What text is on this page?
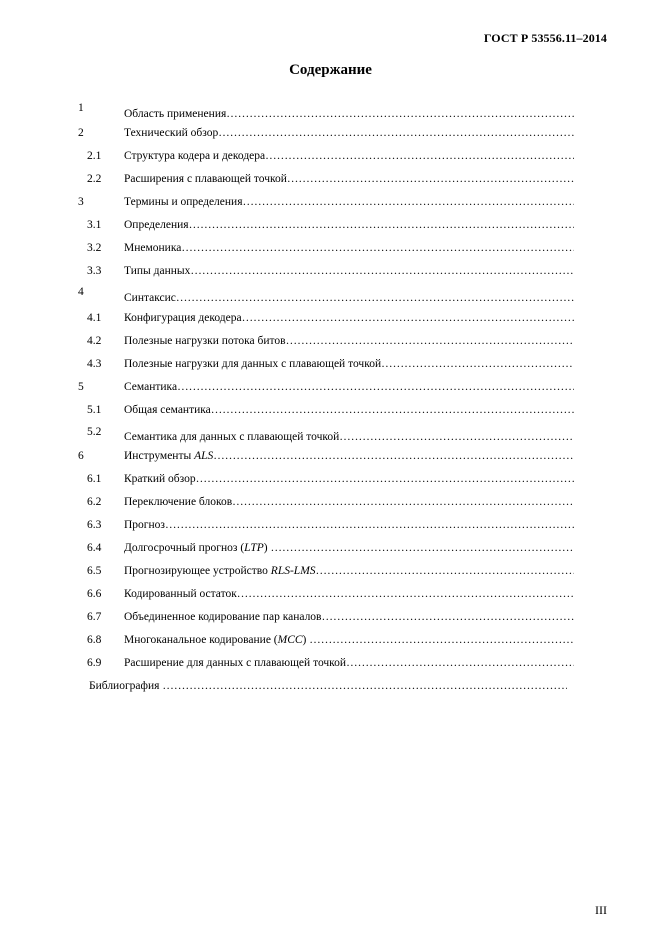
ГОСТ Р 53556.11–2014
Содержание
1	Область применения …………………………………………………………………………………………………………………………………………………………………………………
2	Технический обзор …………………………………………………………………………………………………………………………………………………………………………………
2.1	Структура кодера и декодера …………………………………………………………………………………………………………………………………………………………………………………
2.2	Расширения с плавающей точкой …………………………………………………………………………………………………………………………………………………………………………………
3	Термины и определения …………………………………………………………………………………………………………………………………………………………………………………
3.1	Определения …………………………………………………………………………………………………………………………………………………………………………………
3.2	Мнемоника …………………………………………………………………………………………………………………………………………………………………………………
3.3	Типы данных …………………………………………………………………………………………………………………………………………………………………………………
4	Синтаксис …………………………………………………………………………………………………………………………………………………………………………………
4.1	Конфигурация декодера …………………………………………………………………………………………………………………………………………………………………………………
4.2	Полезные нагрузки потока битов …………………………………………………………………………………………………………………………………………………………………………………
4.3	Полезные нагрузки для данных с плавающей точкой …………………………………………………………………………………………………………………………………………………………………………………
5	Семантика …………………………………………………………………………………………………………………………………………………………………………………
5.1	Общая семантика …………………………………………………………………………………………………………………………………………………………………………………
5.2	Семантика для данных с плавающей точкой …………………………………………………………………………………………………………………………………………………………………………………
6	Инструменты ALS …………………………………………………………………………………………………………………………………………………………………………………
6.1	Краткий обзор …………………………………………………………………………………………………………………………………………………………………………………
6.2	Переключение блоков …………………………………………………………………………………………………………………………………………………………………………………
6.3	Прогноз …………………………………………………………………………………………………………………………………………………………………………………
6.4	Долгосрочный прогноз (LTP) …………………………………………………………………………………………………………………………………………………………………………………
6.5	Прогнозирующее устройство RLS-LMS …………………………………………………………………………………………………………………………………………………………………………………
6.6	Кодированный остаток …………………………………………………………………………………………………………………………………………………………………………………
6.7	Объединенное кодирование пар каналов …………………………………………………………………………………………………………………………………………………………………………………
6.8	Многоканальное кодирование (MCC) …………………………………………………………………………………………………………………………………………………………………………………
6.9	Расширение для данных с плавающей точкой …………………………………………………………………………………………………………………………………………………………………………………
Библиография …………………………………………………………………………………………………………………………………………………………………………………
III
